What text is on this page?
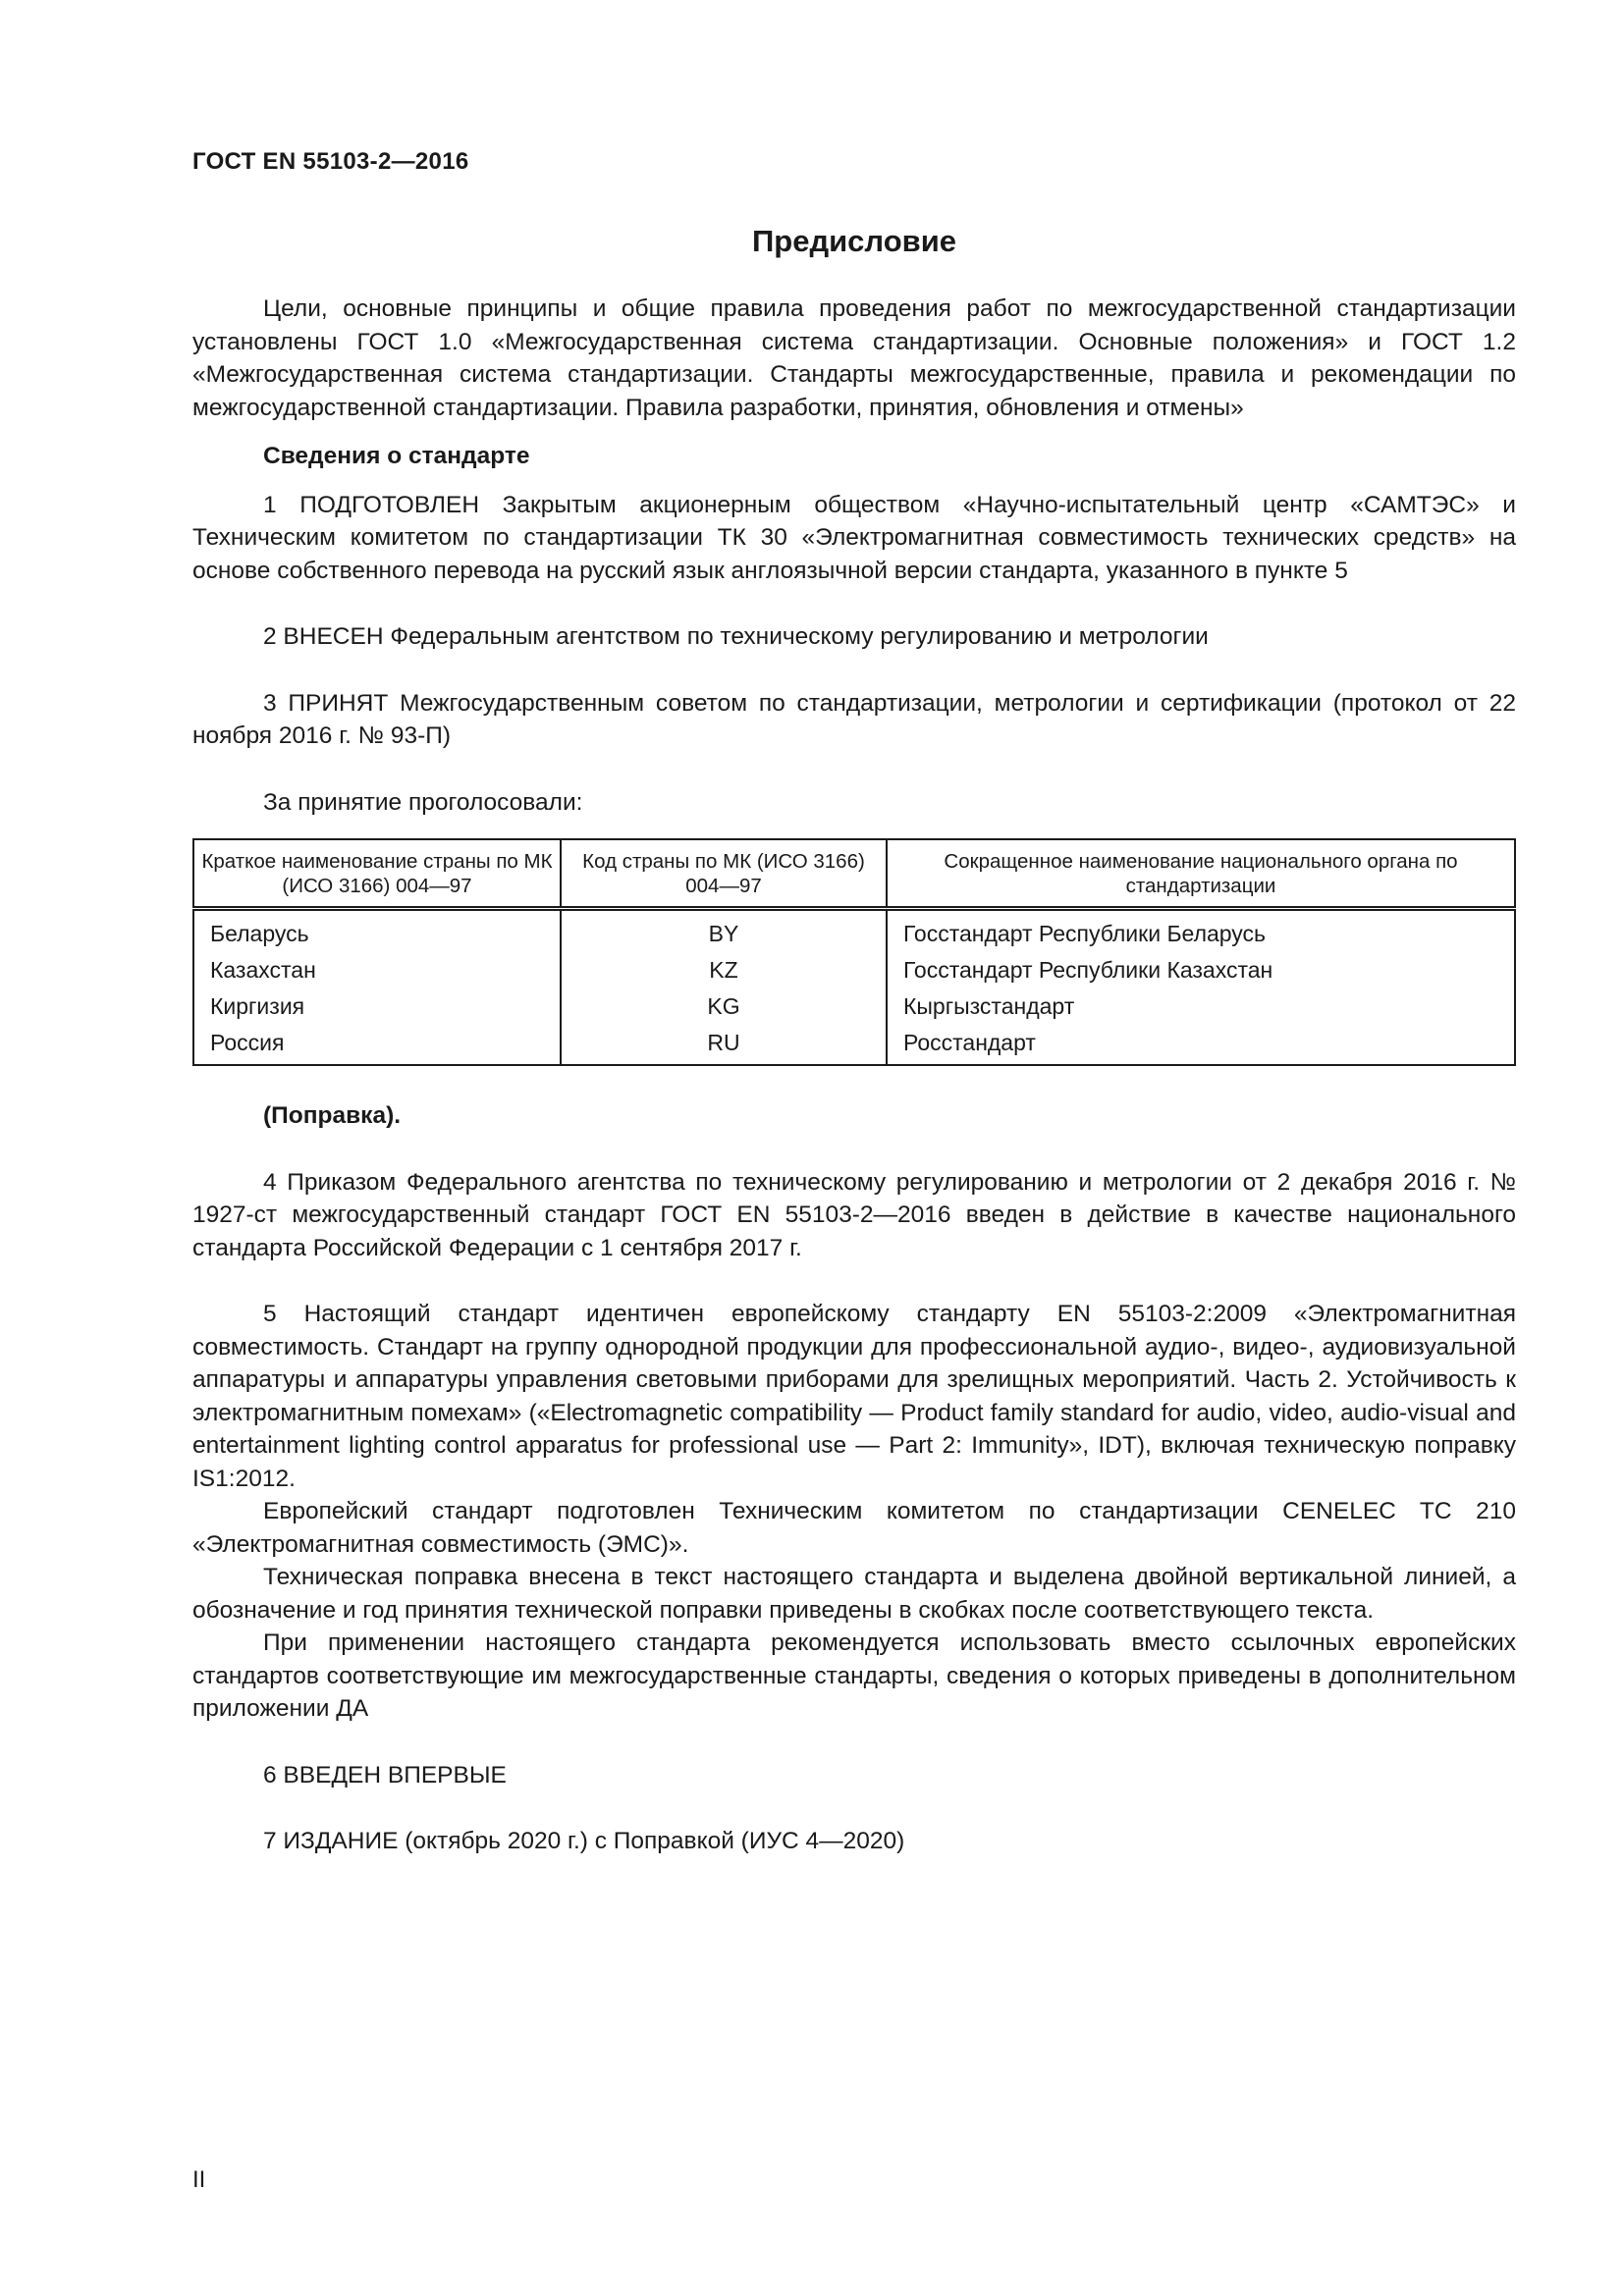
ГОСТ EN 55103-2—2016
Предисловие

Цели, основные принципы и общие правила проведения работ по межгосударственной стандартизации установлены ГОСТ 1.0 «Межгосударственная система стандартизации. Основные положения» и ГОСТ 1.2 «Межгосударственная система стандартизации. Стандарты межгосударственные, правила и рекомендации по межгосударственной стандартизации. Правила разработки, принятия, обновления и отмены»

Сведения о стандарте

1 ПОДГОТОВЛЕН Закрытым акционерным обществом «Научно-испытательный центр «САМТЭС» и Техническим комитетом по стандартизации ТК 30 «Электромагнитная совместимость технических средств» на основе собственного перевода на русский язык англоязычной версии стандарта, указанного в пункте 5

2 ВНЕСЕН Федеральным агентством по техническому регулированию и метрологии

3 ПРИНЯТ Межгосударственным советом по стандартизации, метрологии и сертификации (протокол от 22 ноября 2016 г. № 93-П)

За принятие проголосовали:

Краткое наименование страны по МК (ИСО 3166) 004—97	Код страны по МК (ИСО 3166) 004—97	Сокращенное наименование национального органа по стандартизации
Беларусь	BY	Госстандарт Республики Беларусь
Казахстан	KZ	Госстандарт Республики Казахстан
Киргизия	KG	Кыргызстандарт
Россия	RU	Росстандарт

(Поправка).

4 Приказом Федерального агентства по техническому регулированию и метрологии от 2 декабря 2016 г. № 1927-ст межгосударственный стандарт ГОСТ EN 55103-2—2016 введен в действие в качестве национального стандарта Российской Федерации с 1 сентября 2017 г.

5 Настоящий стандарт идентичен европейскому стандарту EN 55103-2:2009 «Электромагнитная совместимость. Стандарт на группу однородной продукции для профессиональной аудио-, видео-, аудиовизуальной аппаратуры и аппаратуры управления световыми приборами для зрелищных мероприятий. Часть 2. Устойчивость к электромагнитным помехам» («Electromagnetic compatibility — Product family standard for audio, video, audio-visual and entertainment lighting control apparatus for professional use — Part 2: Immunity», IDT), включая техническую поправку IS1:2012.

Европейский стандарт подготовлен Техническим комитетом по стандартизации CENELEC TC 210 «Электромагнитная совместимость (ЭМС)».

Техническая поправка внесена в текст настоящего стандарта и выделена двойной вертикальной линией, а обозначение и год принятия технической поправки приведены в скобках после соответствующего текста.

При применении настоящего стандарта рекомендуется использовать вместо ссылочных европейских стандартов соответствующие им межгосударственные стандарты, сведения о которых приведены в дополнительном приложении ДА

6 ВВЕДЕН ВПЕРВЫЕ

7 ИЗДАНИЕ (октябрь 2020 г.) с Поправкой (ИУС 4—2020)

II
